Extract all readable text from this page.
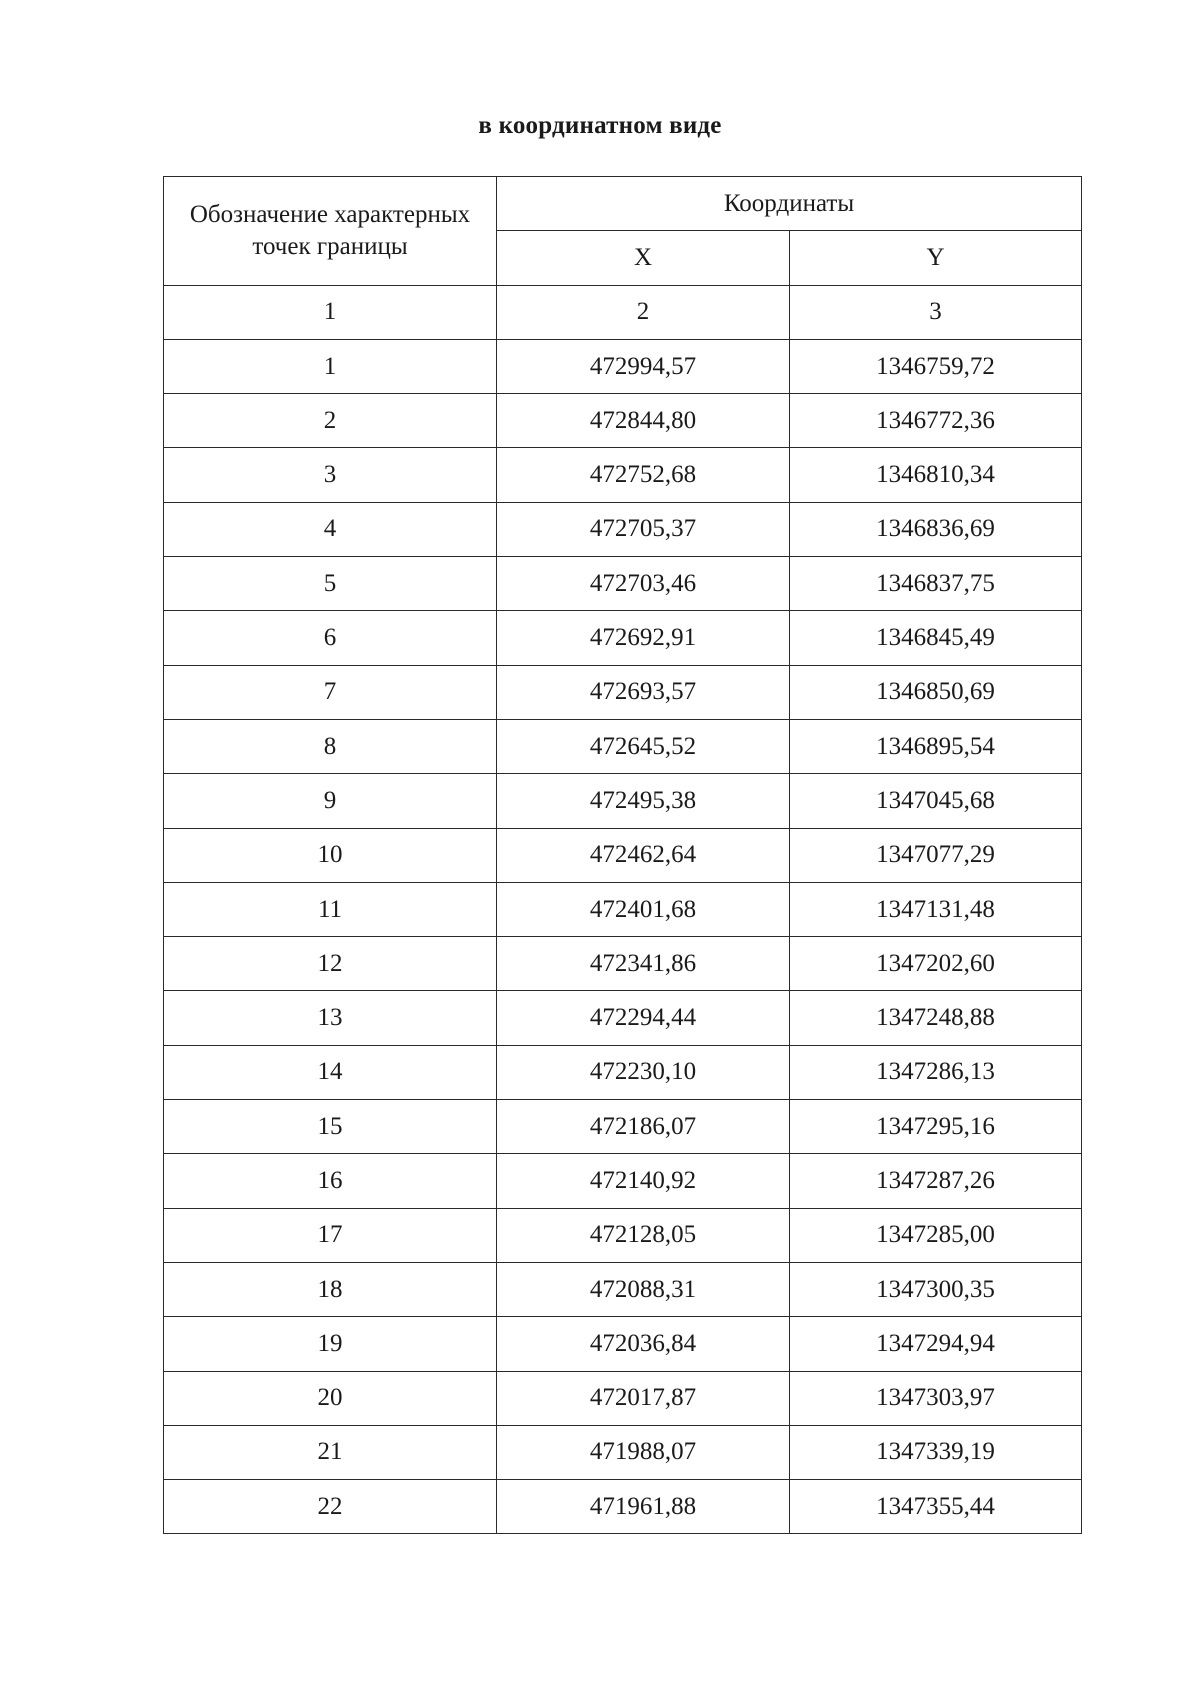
в координатном виде
Обозначение характерных точек границы	Координаты	
	X	Y
1	2	3
1	472994,57	1346759,72
2	472844,80	1346772,36
3	472752,68	1346810,34
4	472705,37	1346836,69
5	472703,46	1346837,75
6	472692,91	1346845,49
7	472693,57	1346850,69
8	472645,52	1346895,54
9	472495,38	1347045,68
10	472462,64	1347077,29
11	472401,68	1347131,48
12	472341,86	1347202,60
13	472294,44	1347248,88
14	472230,10	1347286,13
15	472186,07	1347295,16
16	472140,92	1347287,26
17	472128,05	1347285,00
18	472088,31	1347300,35
19	472036,84	1347294,94
20	472017,87	1347303,97
21	471988,07	1347339,19
22	471961,88	1347355,44
